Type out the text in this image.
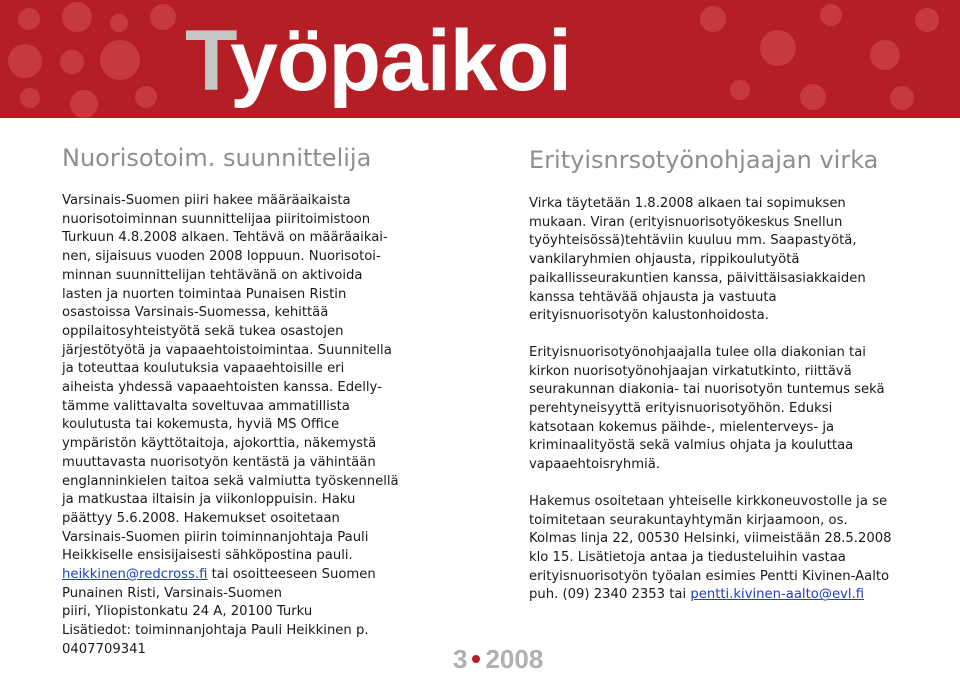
Työpaikoi
Nuorisotoim. suunnittelija	Erityisnrsotyönohjaajan virka
Varsinais-Suomen piiri hakee määräaikaista
nuorisotoiminnan suunnittelijaa piiritoimistoon
Turkuun 4.8.2008 alkaen. Tehtävä on määräaikai-
nen, sijaisuus vuoden 2008 loppuun. Nuorisotoi-
minnan suunnittelijan tehtävänä on aktivoida
lasten ja nuorten toimintaa Punaisen Ristin
osastoissa Varsinais-Suomessa, kehittää
oppilaitosyhteistyötä sekä tukea osastojen
järjestötyötä ja vapaaehtoistoimintaa. Suunnitella
ja toteuttaa koulutuksia vapaaehtoisille eri
aiheista yhdessä vapaaehtoisten kanssa. Edelly-
tämme valittavalta soveltuvaa ammatillista
koulutusta tai kokemusta, hyviä MS Office
ympäristön käyttötaitoja, ajokorttia, näkemystä
muuttavasta nuorisotyön kentästä ja vähintään
englanninkielen taitoa sekä valmiutta työskennellä
ja matkustaa iltaisin ja viikonloppuisin. Haku
päättyy 5.6.2008. Hakemukset osoitetaan
Varsinais-Suomen piirin toiminnanjohtaja Pauli
Heikkiselle ensisijaisesti sähköpostina pauli.
heikkinen@redcross.fi tai osoitteeseen Suomen
Punainen Risti, Varsinais-Suomen
piiri, Yliopistonkatu 24 A, 20100 Turku
Lisätiedot: toiminnanjohtaja Pauli Heikkinen p.
0407709341

Virka täytetään 1.8.2008 alkaen tai sopimuksen
mukaan. Viran (erityisnuorisotyökeskus Snellun
työyhteisössä)tehtäviin kuuluu mm. Saapastyötä,
vankilaryhmien ohjausta, rippikoulutyötä
paikallisseurakuntien kanssa, päivittäisasiakkaiden
kanssa tehtävää ohjausta ja vastuuta
erityisnuorisotyön kalustonhoidosta.

Erityisnuorisotyönohjaajalla tulee olla diakonian tai
kirkon nuorisotyönohjaajan virkatutkinto, riittävä
seurakunnan diakonia- tai nuorisotyön tuntemus sekä
perehtyneisyyttä erityisnuorisotyöhön. Eduksi
katsotaan kokemus päihde-, mielenterveys- ja
kriminaalityöstä sekä valmius ohjata ja kouluttaa
vapaaehtoisryhmiä.

Hakemus osoitetaan yhteiselle kirkkoneuvostolle ja se
toimitetaan seurakuntayhtymän kirjaamoon, os.
Kolmas linja 22, 00530 Helsinki, viimeistään 28.5.2008
klo 15. Lisätietoja antaa ja tiedusteluihin vastaa
erityisnuorisotyön työalan esimies Pentti Kivinen-Aalto
puh. (09) 2340 2353 tai pentti.kivinen-aalto@evl.fi
3 2008
